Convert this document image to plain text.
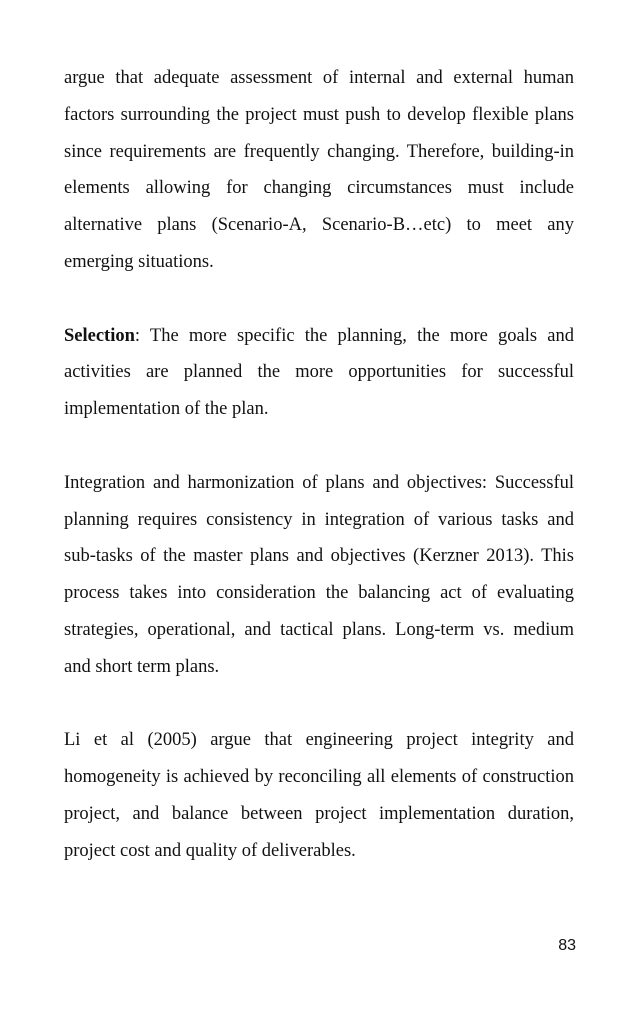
argue that adequate assessment of internal and external human factors surrounding the project must push to develop flexible plans since requirements are frequently changing. Therefore, building-in elements allowing for changing circumstances must include alternative plans (Scenario-A, Scenario-B…etc) to meet any emerging situations.

Selection: The more specific the planning, the more goals and activities are planned the more opportunities for successful implementation of the plan.

Integration and harmonization of plans and objectives: Successful planning requires consistency in integration of various tasks and sub-tasks of the master plans and objectives (Kerzner 2013). This process takes into consideration the balancing act of evaluating strategies, operational, and tactical plans. Long-term vs. medium and short term plans.

Li et al (2005) argue that engineering project integrity and homogeneity is achieved by reconciling all elements of construction project, and balance between project implementation duration, project cost and quality of deliverables.

83
